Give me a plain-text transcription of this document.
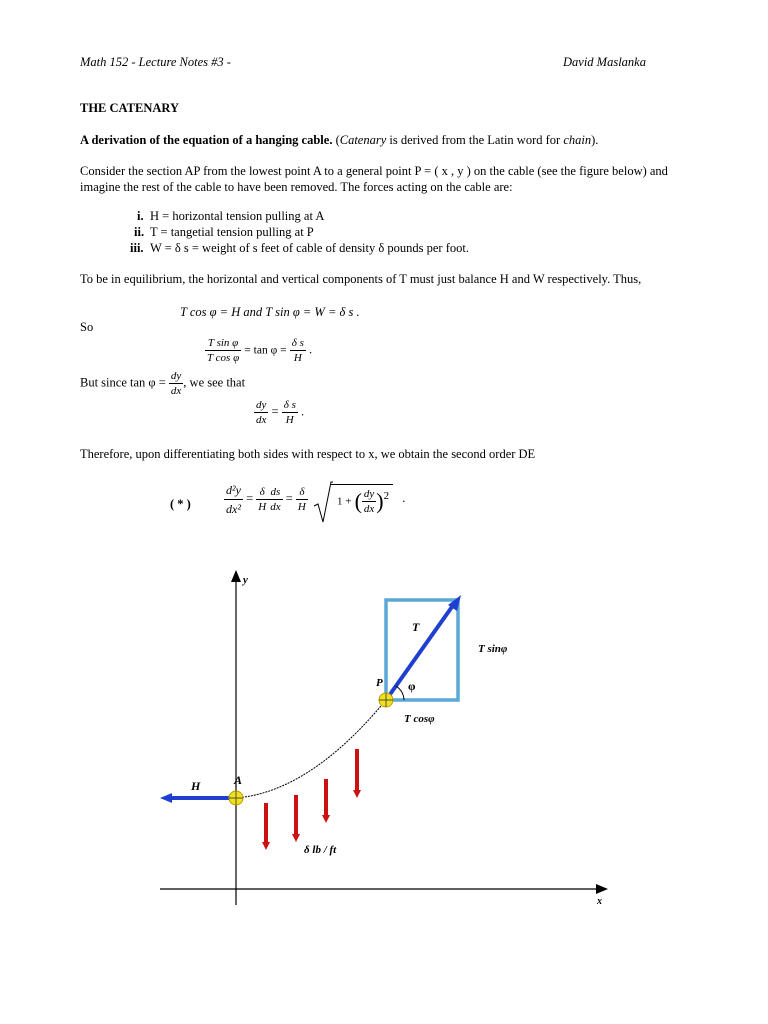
Math 152 - Lecture Notes #3 -	David Maslanka
THE CATENARY
A derivation of the equation of a hanging cable. (Catenary is derived from the Latin word for chain).
Consider the section AP from the lowest point A to a general point P = ( x , y ) on the cable (see the figure below) and
imagine the rest of the cable to have been removed. The forces acting on the cable are:
i. H = horizontal tension pulling at A
ii. T = tangetial tension pulling at P
iii. W = δ s = weight of s feet of cable of density δ pounds per foot.
To be in equilibrium, the horizontal and vertical components of T must just balance H and W respectively. Thus,
T cos φ = H and T sin φ = W = δ s .
So
$\frac{\text{T sin φ}}{\text{T cos φ}} = \tan \varphi = \frac{\text{δ s}}{H}$ .
But since $\tan \varphi = \frac{dy}{dx}$ , we see that
$\frac{dy}{dx} = \frac{\text{δ s}}{H}$ .
Therefore, upon differentiating both sides with respect to x, we obtain the second order DE
( * )	$\frac{\text{d²y}}{\text{dx²}} = \frac{\delta}{H} \frac{ds}{dx} = \frac{\delta}{H}$
	1 + ( $\frac{dy}{dx} )^2$ .
y
x
δ lb / ft
H	A
T
φ
P
T sinφ
T cosφ
